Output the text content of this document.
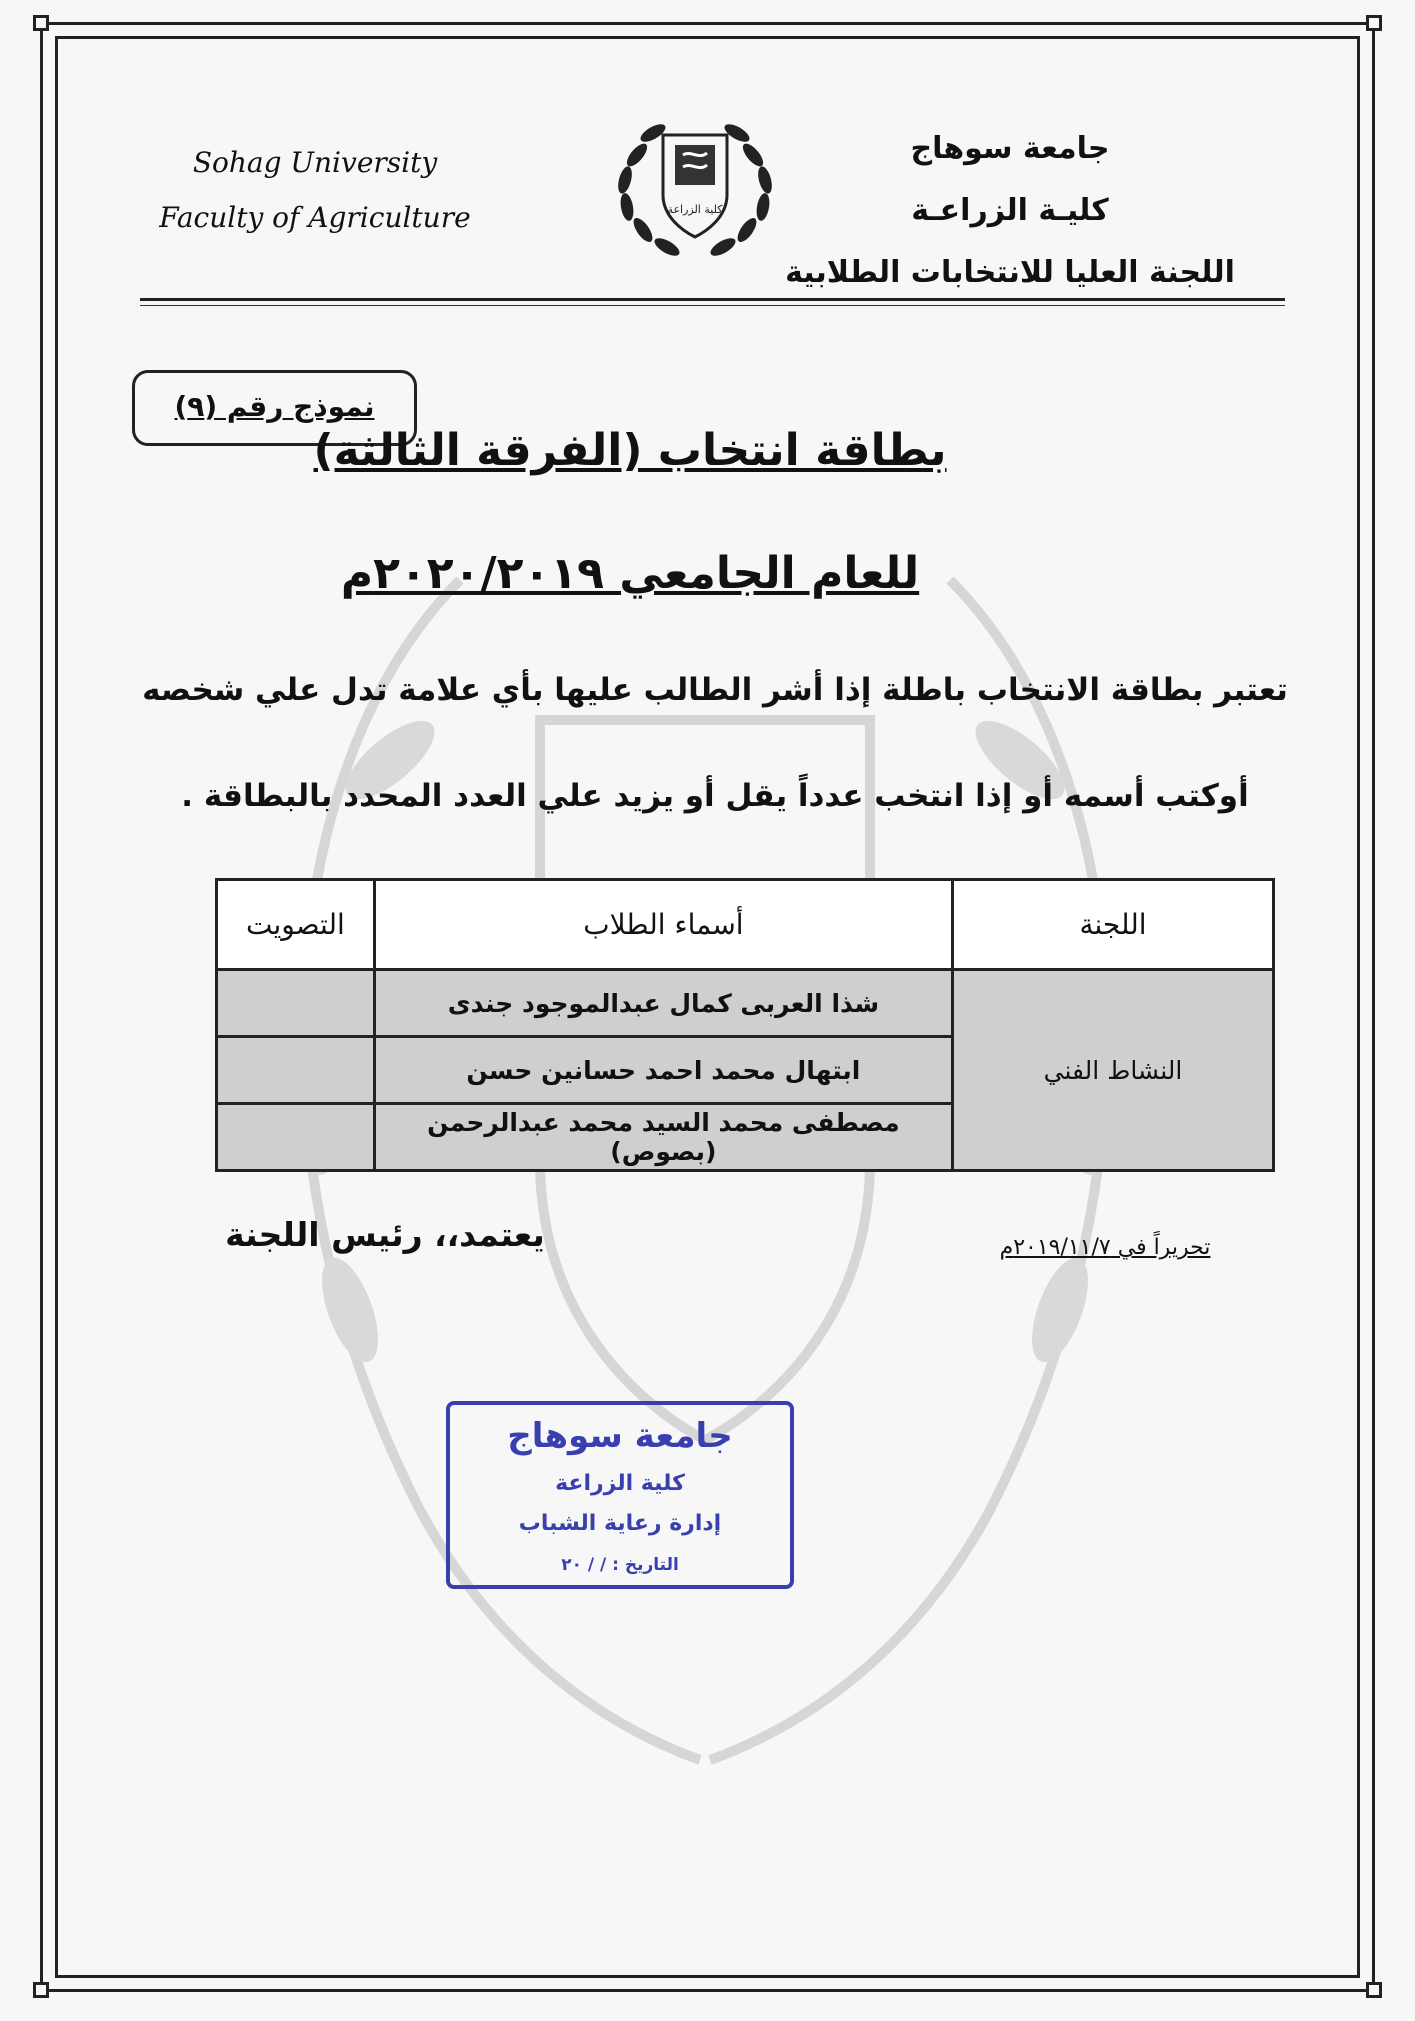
Sohag University
Faculty of Agriculture	كلية الزراعة
جامعة سوهاج
كليـة الزراعـة
اللجنة العليا للانتخابات الطلابية
نموذج رقم (٩)
بطاقة انتخاب (الفرقة الثالثة)
للعام الجامعي ٢٠٢٠/٢٠١٩م
تعتبر بطاقة الانتخاب باطلة إذا أشر الطالب عليها بأي علامة تدل علي شخصه
أوكتب أسمه أو إذا انتخب عدداً يقل أو يزيد علي العدد المحدد بالبطاقة .
اللجنة	أسماء الطلاب	التصويت
النشاط الفني	شذا العربى كمال عبدالموجود جندى	
	ابتهال محمد احمد حسانين حسن	
	مصطفى محمد السيد محمد عبدالرحمن (بصوص)	
يعتمد،، رئيس اللجنة	تحريراً في ٢٠١٩/١١/٧م
جامعة سوهاج
كلية الزراعة
إدارة رعاية الشباب
التاريخ : / / ٢٠
